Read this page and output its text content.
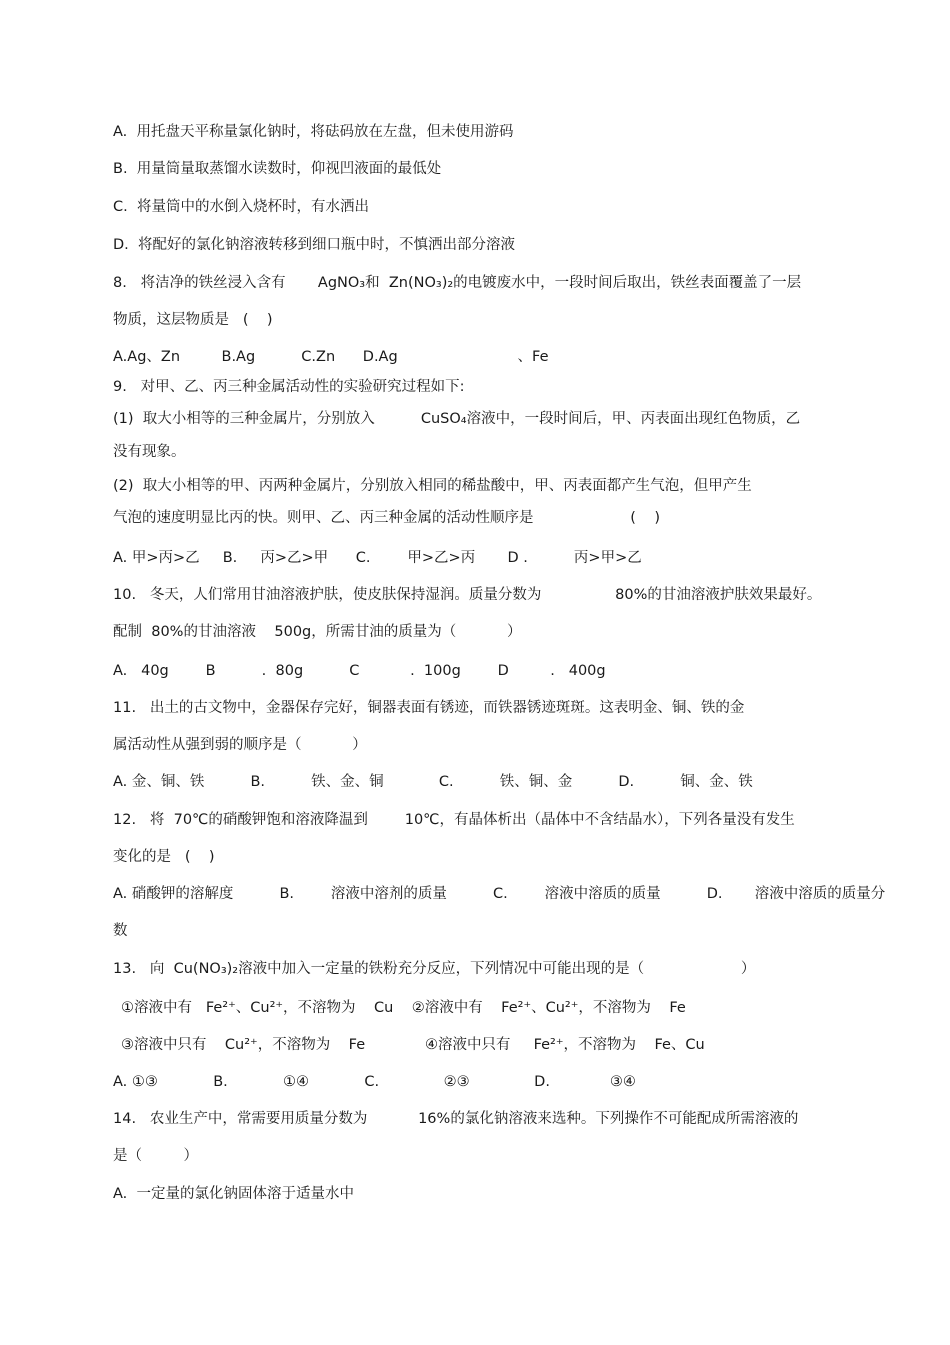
A.  用托盘天平称量氯化钠时，将砝码放在左盘，但未使用游码
B.  用量筒量取蒸馏水读数时，仰视凹液面的最低处
C.  将量筒中的水倒入烧杯时，有水洒出
D.  将配好的氯化钠溶液转移到细口瓶中时，不慎洒出部分溶液
8.   将洁净的铁丝浸入含有       AgNO₃和  Zn(NO₃)₂的电镀废水中，一段时间后取出，铁丝表面覆盖了一层
物质，这层物质是   (    )
A.Ag、Zn         B.Ag          C.Zn      D.Ag                          、Fe
9.   对甲、乙、丙三种金属活动性的实验研究过程如下:
(1)  取大小相等的三种金属片，分别放入          CuSO₄溶液中，一段时间后，甲、丙表面出现红色物质，乙
没有现象。
(2)  取大小相等的甲、丙两种金属片，分别放入相同的稀盐酸中，甲、丙表面都产生气泡，但甲产生
气泡的速度明显比丙的快。则甲、乙、丙三种金属的活动性顺序是                     (    )
A. 甲>丙>乙     B.     丙>乙>甲      C.        甲>乙>丙       D .          丙>甲>乙
10.   冬天，人们常用甘油溶液护肤，使皮肤保持湿润。质量分数为                80%的甘油溶液护肤效果最好。
配制  80%的甘油溶液    500g，所需甘油的质量为（           ）
A.   40g        B          .  80g          C           .  100g        D         .   400g
11.   出土的古文物中，金器保存完好，铜器表面有锈迹，而铁器锈迹斑斑。这表明金、铜、铁的金
属活动性从强到弱的顺序是（           ）
A. 金、铜、铁          B.          铁、金、铜            C.          铁、铜、金          D.          铜、金、铁
12.   将  70℃的硝酸钾饱和溶液降温到        10℃，有晶体析出（晶体中不含结晶水），下列各量没有发生
变化的是   (    )
A. 硝酸钾的溶解度          B.        溶液中溶剂的质量          C.        溶液中溶质的质量          D.       溶液中溶质的质量分
数
13.   向  Cu(NO₃)₂溶液中加入一定量的铁粉充分反应，下列情况中可能出现的是（                     ）
①溶液中有   Fe²⁺、Cu²⁺，不溶物为    Cu    ②溶液中有    Fe²⁺、Cu²⁺，不溶物为    Fe
③溶液中只有    Cu²⁺，不溶物为    Fe             ④溶液中只有     Fe²⁺，不溶物为    Fe、Cu
A. ①③            B.            ①④            C.              ②③              D.             ③④
14.   农业生产中，常需要用质量分数为           16%的氯化钠溶液来选种。下列操作不可能配成所需溶液的
是（         ）
A.  一定量的氯化钠固体溶于适量水中
